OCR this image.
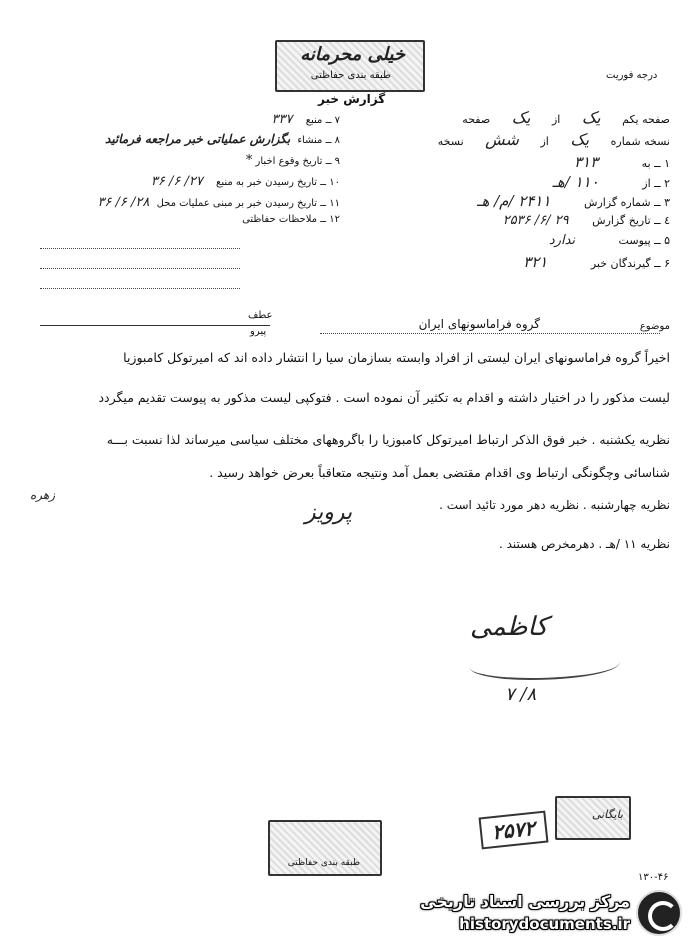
خیلی محرمانه
طبقه بندی حفاظتی
گزارش خبر
درجه فوریت
صفحه یکم یک از یک صفحه
نسخه شماره یک از شش نسخه
۱ ــ به ۳۱۳
۲ ــ از ۱۱۰ /هـ
۳ ــ شماره گزارش ۲۴۱۱ /م/ هـ
٤ ــ تاریخ گزارش ۲۹ /۶/ ۲۵۳۶
۵ ــ پیوست ندارد
۶ ــ گیرندگان خبر ۳۲۱
۷ ــ منبع ۳۳۷
۸ ــ منشاء بگزارش عملیاتی خبر مراجعه فرمائید
۹ ــ تاریخ وقوع اخبار *
۱۰ ــ تاریخ رسیدن خبر به منبع ۲۷/ ۶/ ۳۶
۱۱ ــ تاریخ رسیدن خبر بر مبنی عملیات محل ۲۸/ ۶/ ۳۶
۱۲ ــ ملاحظات حفاظتی
عطف
پیرو	موضوع
گروه فراماسونهای ایران
اخیراً گروه فراماسونهای ایران لیستی از افراد وابسته بسازمان سیا را انتشار داده اند که امیرتوکل کامبوزیا
لیست مذکور را در اختیار داشته و اقدام به تکثیر آن نموده است . فتوکپی لیست مذکور به پیوست تقدیم میگردد
نظریه یکشنبه . خبر فوق الذکر ارتباط امیرتوکل کامبوزیا را باگروههای مختلف سیاسی میرساند لذا نسبت بـــه
شناسائی وچگونگی ارتباط وی اقدام مقتضی بعمل آمد ونتیجه متعاقباً بعرض خواهد رسید .
زهره
نظریه چهارشنبه . نظریه دهر مورد تائید است .
نظریه ۱۱ /هـ . دهرمخرص هستند .
پرویز
کاظمی
۷ /۸
بایگانی
۲۵۷۲
طبقه بندی حفاظتی
۱۳۰-۴۶
مرکز بررسی اسناد تاریخی
historydocuments.ir
